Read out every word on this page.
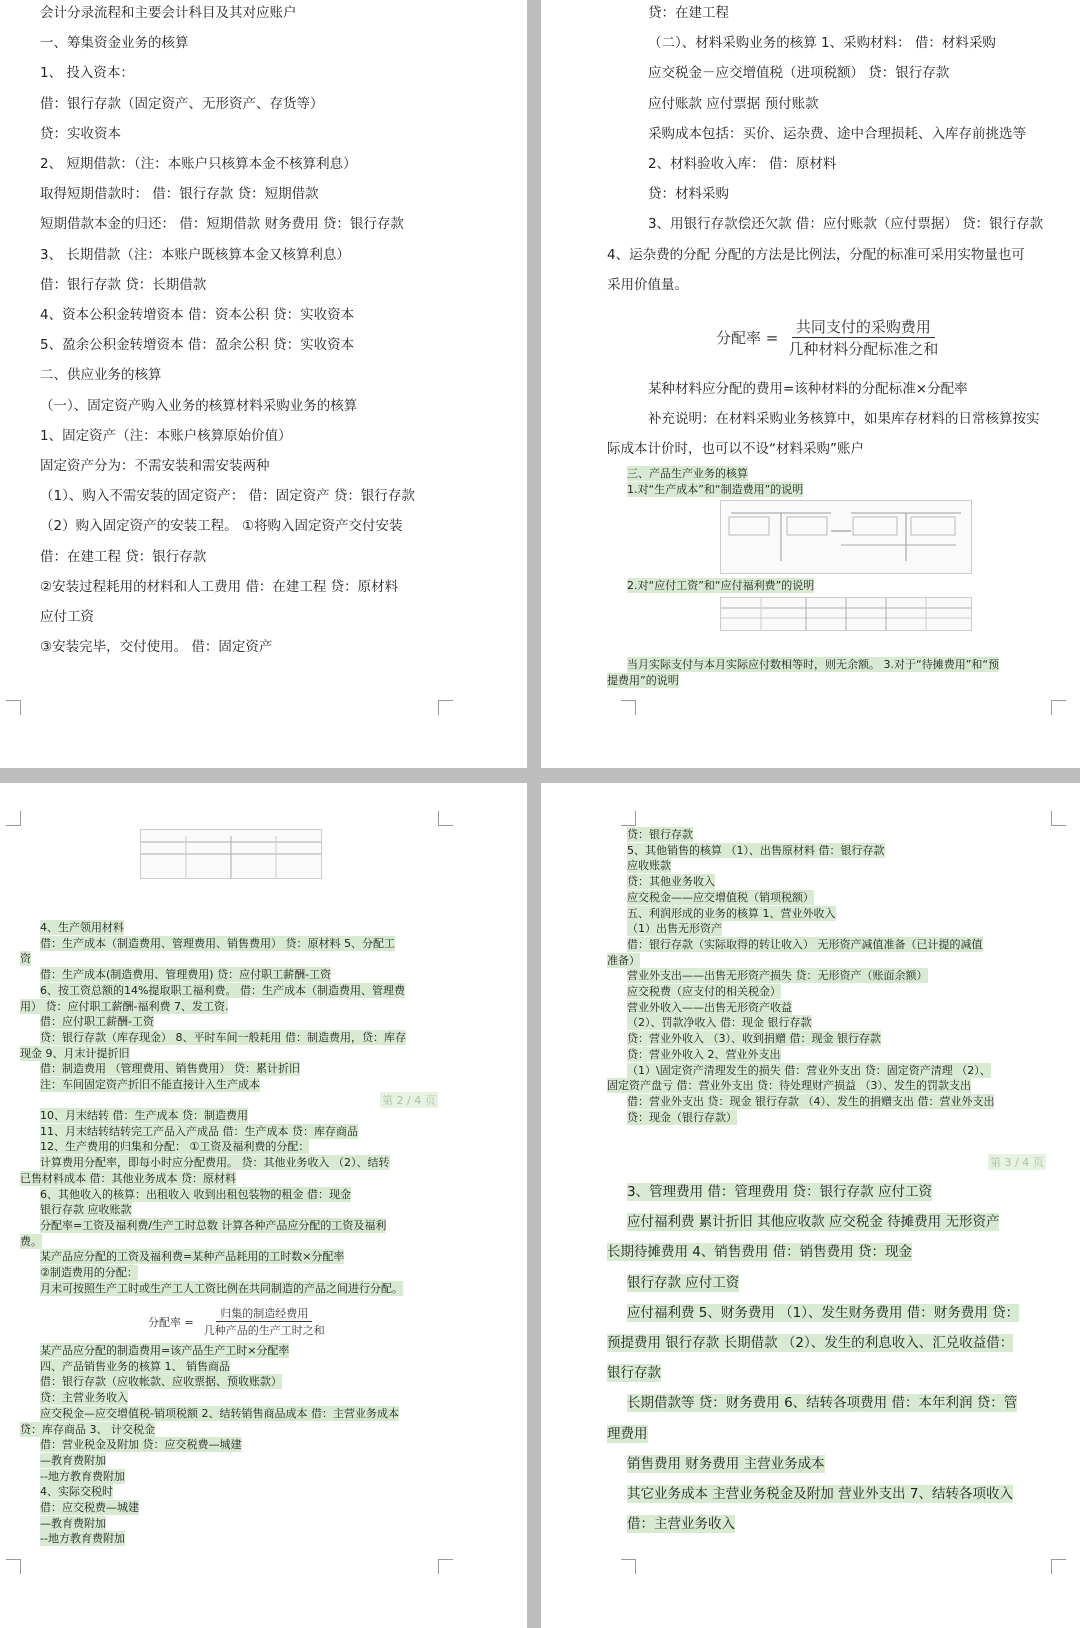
会计分录流程和主要会计科目及其对应账户
一、筹集资金业务的核算
1、 投入资本：
借：银行存款（固定资产、无形资产、存货等）
贷：实收资本
2、 短期借款：（注：本账户只核算本金不核算利息）
取得短期借款时： 借：银行存款 贷：短期借款
短期借款本金的归还： 借：短期借款 财务费用 贷：银行存款
3、 长期借款（注：本账户既核算本金又核算利息）
借：银行存款 贷：长期借款
4、资本公积金转增资本 借：资本公积 贷：实收资本
5、盈余公积金转增资本 借：盈余公积 贷：实收资本
二、供应业务的核算
（一）、固定资产购入业务的核算材料采购业务的核算
1、固定资产（注：本账户核算原始价值）
固定资产分为：不需安装和需安装两种
（1）、购入不需安装的固定资产： 借：固定资产 贷：银行存款
（2）购入固定资产的安装工程。 ①将购入固定资产交付安装
借：在建工程 贷：银行存款
②安装过程耗用的材料和人工费用 借：在建工程 贷：原材料
应付工资
③安装完毕，交付使用。 借：固定资产
贷：在建工程
（二）、材料采购业务的核算 1、采购材料： 借：材料采购
应交税金－应交增值税（进项税额） 贷：银行存款
应付账款 应付票据 预付账款
采购成本包括：买价、运杂费、途中合理损耗、入库存前挑选等
2、材料验收入库： 借：原材料
贷：材料采购
3、用银行存款偿还欠款 借：应付账款（应付票据） 贷：银行存款
4、运杂费的分配 分配的方法是比例法，分配的标准可采用实物量也可
采用价值量。
分配率 = $\frac{\text{共同支付的采购费用}}{\text{几种材料分配标准之和}}$
某种材料应分配的费用=该种材料的分配标准×分配率
补充说明：在材料采购业务核算中，如果库存材料的日常核算按实
际成本计价时，也可以不设“材料采购”账户
三、产品生产业务的核算
1.对“生产成本”和“制造费用”的说明
2.对“应付工资”和“应付福利费”的说明
当月实际支付与本月实际应付数相等时，则无余额。 3.对于“待摊费用”和“预
提费用”的说明
4、生产领用材料
借：生产成本（制造费用、管理费用、销售费用） 贷：原材料 5、分配工
资
借：生产成本(制造费用、管理费用) 贷：应付职工薪酬-工资
6、按工资总额的14%提取职工福利费。 借：生产成本（制造费用、管理费
用） 贷：应付职工薪酬-福利费 7、发工资.
借：应付职工薪酬-工资
贷：银行存款（库存现金） 8、平时车间一般耗用 借：制造费用，贷：库存
现金 9、月末计提折旧
借：制造费用 （管理费用、销售费用） 贷：累计折旧
注：车间固定资产折旧不能直接计入生产成本
第 2 / 4 页
10、月末结转 借：生产成本 贷：制造费用
11、月末结转结转完工产品入产成品 借：生产成本 贷：库存商品
12、生产费用的归集和分配： ①工资及福利费的分配：
计算费用分配率，即每小时应分配费用。 贷：其他业务收入 （2）、结转
已售材料成本 借：其他业务成本 贷：原材料
6、其他收入的核算：出租收入 收到出租包装物的租金 借：现金
银行存款 应收账款
分配率=工资及福利费/生产工时总数 计算各种产品应分配的工资及福利
费。
某产品应分配的工资及福利费=某种产品耗用的工时数×分配率
②制造费用的分配：
月末可按照生产工时或生产工人工资比例在共同制造的产品之间进行分配。
分配率 = $\frac{\text{归集的制造经费用}}{\text{几种产品的生产工时之和}}$
某产品应分配的制造费用=该产品生产工时×分配率
四、产品销售业务的核算 1、 销售商品
借：银行存款（应收帐款、应收票据、预收账款）
贷：主营业务收入
应交税金—应交增值税-销项税额 2、结转销售商品成本 借：主营业务成本
贷：库存商品 3、 计交税金
借：营业税金及附加 贷：应交税费—城建
—教育费附加
--地方教育费附加
4、实际交税时
借：应交税费—城建
—教育费附加
--地方教育费附加
贷：银行存款
5、其他销售的核算 （1）、出售原材料 借：银行存款
应收账款
贷：其他业务收入
应交税金——应交增值税（销项税额）
五、利润形成的业务的核算 1、营业外收入
（1）出售无形资产
借：银行存款（实际取得的转让收入） 无形资产减值准备（已计提的减值
准备）
营业外支出——出售无形资产损失 贷：无形资产（账面余额）
应交税费（应支付的相关税金）
营业外收入——出售无形资产收益
（2）、罚款净收入 借：现金 银行存款
贷：营业外收入 （3）、收到捐赠 借：现金 银行存款
贷：营业外收入 2、营业外支出
（1）\固定资产清理发生的损失 借：营业外支出 贷：固定资产清理 （2）、
固定资产盘亏 借：营业外支出 贷：待处理财产损益 （3）、发生的罚款支出
借：营业外支出 贷：现金 银行存款 （4）、发生的捐赠支出 借：营业外支出
贷：现金（银行存款）
第 3 / 4 页
3、管理费用 借：管理费用 贷：银行存款 应付工资
应付福利费 累计折旧 其他应收款 应交税金 待摊费用 无形资产
长期待摊费用 4、销售费用 借：销售费用 贷：现金
银行存款 应付工资
应付福利费 5、财务费用 （1）、发生财务费用 借：财务费用 贷：
预提费用 银行存款 长期借款 （2）、发生的利息收入、汇兑收益借：
银行存款
长期借款等 贷：财务费用 6、结转各项费用 借：本年利润 贷：管
理费用
销售费用 财务费用 主营业务成本
其它业务成本 主营业务税金及附加 营业外支出 7、结转各项收入
借：主营业务收入
